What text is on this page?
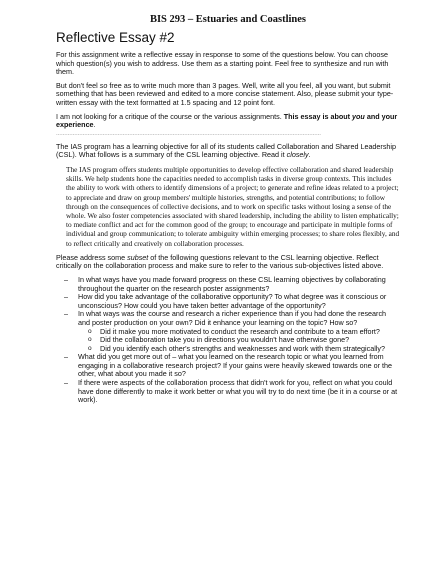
BIS 293 – Estuaries and Coastlines
Reflective Essay #2

For this assignment write a reflective essay in response to some of the questions below. You can choose which question(s) you wish to address. Use them as a starting point. Feel free to synthesize and run with them.

But don't feel so free as to write much more than 3 pages. Well, write all you feel, all you want, but submit something that has been reviewed and edited to a more concise statement. Also, please submit your type-written essay with the text formatted at 1.5 spacing and 12 point font.

I am not looking for a critique of the course or the various assignments. This essay is about you and your experience.

……………………………………………………………………………………………………………………………………………

The IAS program has a learning objective for all of its students called Collaboration and Shared Leadership (CSL). What follows is a summary of the CSL learning objective. Read it closely.

The IAS program offers students multiple opportunities to develop effective collaboration and shared leadership skills. We help students hone the capacities needed to accomplish tasks in diverse group contexts. This includes the ability to work with others to identify dimensions of a project; to generate and refine ideas related to a project; to appreciate and draw on group members' multiple histories, strengths, and potential contributions; to follow through on the consequences of collective decisions, and to work on specific tasks without losing a sense of the whole. We also foster competencies associated with shared leadership, including the ability to listen emphatically; to mediate conflict and act for the common good of the group; to encourage and participate in multiple forms of individual and group communication; to tolerate ambiguity within emerging processes; to share roles flexibly, and to reflect critically and creatively on collaboration processes.

Please address some subset of the following questions relevant to the CSL learning objective. Reflect critically on the collaboration process and make sure to refer to the various sub-objectives listed above.

– In what ways have you made forward progress on these CSL learning objectives by collaborating throughout the quarter on the research poster assignments?
– How did you take advantage of the collaborative opportunity? To what degree was it conscious or unconscious? How could you have taken better advantage of the opportunity?
– In what ways was the course and research a richer experience than if you had done the research and poster production on your own? Did it enhance your learning on the topic? How so?
o Did it make you more motivated to conduct the research and contribute to a team effort?
o Did the collaboration take you in directions you wouldn't have otherwise gone?
o Did you identify each other's strengths and weaknesses and work with them strategically?
– What did you get more out of – what you learned on the research topic or what you learned from engaging in a collaborative research project? If your gains were heavily skewed towards one or the other, what about you made it so?
– If there were aspects of the collaboration process that didn't work for you, reflect on what you could have done differently to make it work better or what you will try to do next time (be it in a course or at work).
